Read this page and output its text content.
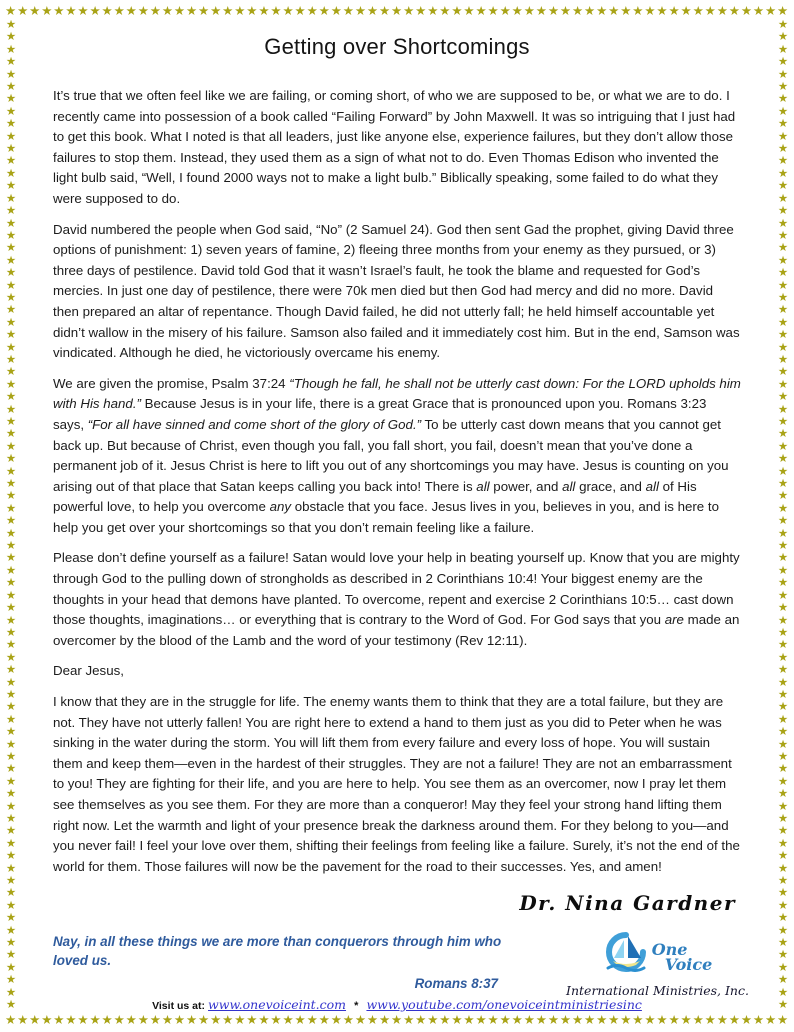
★ ★ ★ ★ ★ ★ ★ ★ ★ ★ ★ ★ ★ ★ ★ ★ ★ ★ ★ ★ ★ ★ ★ ★ ★ ★ ★ ★ ★ ★ ★ ★ ★ ★ ★ ★ ★ ★ ★ ★ ★ ★ ★ ★ ★ ★ ★ ★ ★ ★ ★ ★ ★ ★ ★ ★ ★ ★ ★ ★ ★ ★ ★ ★ ★
★ ★ ★ ★ ★ ★ ★ ★ ★ ★ ★ ★ ★ ★ ★ ★ ★ ★ ★ ★ ★ ★ ★ ★ ★ ★ ★ ★ ★ ★ ★ ★ ★ ★ ★ ★ ★ ★ ★ ★ ★ ★ ★ ★ ★ ★ ★ ★ ★ ★ ★ ★ ★ ★ ★ ★ ★ ★ ★ ★ ★ ★ ★ ★ ★
★
★
★
★
★
★
★
★
★
★
★
★
★
★
★
★
★
★
★
★
★
★
★
★
★
★
★
★
★
★
★
★
★
★
★
★
★
★
★
★
★
★
★
★
★
★
★
★
★
★
★
★
★
★
★
★
★
★
★
★
★
★
★
★
★
★
★
★
★
★
★
★
★
★
★
★
★
★
★
★
★
★
★
★
★
★
★
★
★
★
★
★
★
★
★
★
★
★
★
★
★
★
★
★
★
★
★
★
★
★
★
★
★
★
★
★
★
★
★
★
★
★
★
★
★
★
★
★
★
★
★
★
★
★
★
★
★
★
★
★
★
★
★
★
★
★
★
★
★
★
★
★
★
★
★
★
★
★
★
★
Getting over Shortcomings

It’s true that we often feel like we are failing, or coming short, of who we are supposed to be, or what we are to do. I recently came into possession of a book called “Failing Forward” by John Maxwell. It was so intriguing that I just had to get this book. What I noted is that all leaders, just like anyone else, experience failures, but they don’t allow those failures to stop them. Instead, they used them as a sign of what not to do. Even Thomas Edison who invented the light bulb said, “Well, I found 2000 ways not to make a light bulb.” Biblically speaking, some failed to do what they were supposed to do.

David numbered the people when God said, “No” (2 Samuel 24). God then sent Gad the prophet, giving David three options of punishment: 1) seven years of famine, 2) fleeing three months from your enemy as they pursued, or 3) three days of pestilence. David told God that it wasn’t Israel’s fault, he took the blame and requested for God’s mercies. In just one day of pestilence, there were 70k men died but then God had mercy and did no more. David then prepared an altar of repentance. Though David failed, he did not utterly fall; he held himself accountable yet didn’t wallow in the misery of his failure. Samson also failed and it immediately cost him. But in the end, Samson was vindicated. Although he died, he victoriously overcame his enemy.

We are given the promise, Psalm 37:24 “Though he fall, he shall not be utterly cast down: For the LORD upholds him with His hand.” Because Jesus is in your life, there is a great Grace that is pronounced upon you. Romans 3:23 says, “For all have sinned and come short of the glory of God.” To be utterly cast down means that you cannot get back up. But because of Christ, even though you fall, you fall short, you fail, doesn’t mean that you’ve done a permanent job of it. Jesus Christ is here to lift you out of any shortcomings you may have. Jesus is counting on you arising out of that place that Satan keeps calling you back into! There is all power, and all grace, and all of His powerful love, to help you overcome any obstacle that you face. Jesus lives in you, believes in you, and is here to help you get over your shortcomings so that you don’t remain feeling like a failure.

Please don’t define yourself as a failure! Satan would love your help in beating yourself up. Know that you are mighty through God to the pulling down of strongholds as described in 2 Corinthians 10:4! Your biggest enemy are the thoughts in your head that demons have planted. To overcome, repent and exercise 2 Corinthians 10:5… cast down those thoughts, imaginations… or everything that is contrary to the Word of God. For God says that you are made an overcomer by the blood of the Lamb and the word of your testimony (Rev 12:11).

Dear Jesus,

I know that they are in the struggle for life. The enemy wants them to think that they are a total failure, but they are not. They have not utterly fallen! You are right here to extend a hand to them just as you did to Peter when he was sinking in the water during the storm. You will lift them from every failure and every loss of hope. You will sustain them and keep them—even in the hardest of their struggles. They are not a failure! They are not an embarrassment to you! They are fighting for their life, and you are here to help. You see them as an overcomer, now I pray let them see themselves as you see them. For they are more than a conqueror! May they feel your strong hand lifting them right now. Let the warmth and light of your presence break the darkness around them. For they belong to you—and you never fail! I feel your love over them, shifting their feelings from feeling like a failure. Surely, it’s not the end of the world for them. Those failures will now be the pavement for the road to their successes. Yes, and amen!

Dr. Nina Gardner
Nay, in all these things we are more than conquerors through him who loved us.
Romans 8:37
One
Voice
International Ministries, Inc.
Visit us at: www.onevoiceint.com * www.youtube.com/onevoiceintministriesinc
